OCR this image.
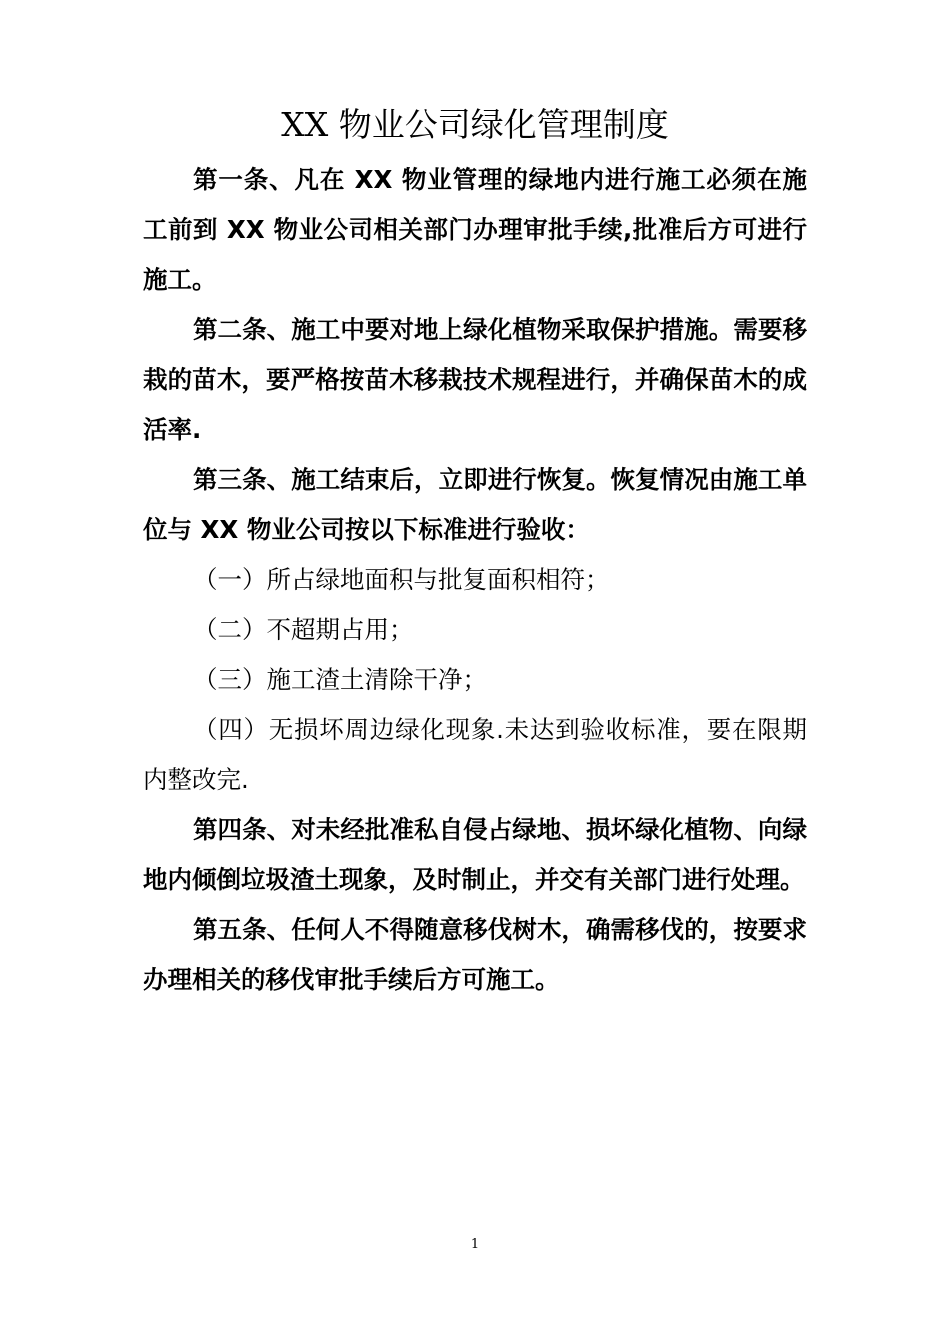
XX 物业公司绿化管理制度

第一条、凡在 XX 物业管理的绿地内进行施工必须在施工前到 XX 物业公司相关部门办理审批手续,批准后方可进行施工。

第二条、施工中要对地上绿化植物采取保护措施。需要移栽的苗木，要严格按苗木移栽技术规程进行，并确保苗木的成活率.

第三条、施工结束后，立即进行恢复。恢复情况由施工单位与 XX 物业公司按以下标准进行验收：

（一）所占绿地面积与批复面积相符；

（二）不超期占用；

（三）施工渣土清除干净；

（四）无损坏周边绿化现象.未达到验收标准，要在限期内整改完.

第四条、对未经批准私自侵占绿地、损坏绿化植物、向绿地内倾倒垃圾渣土现象，及时制止，并交有关部门进行处理。

第五条、任何人不得随意移伐树木，确需移伐的，按要求办理相关的移伐审批手续后方可施工。

1
